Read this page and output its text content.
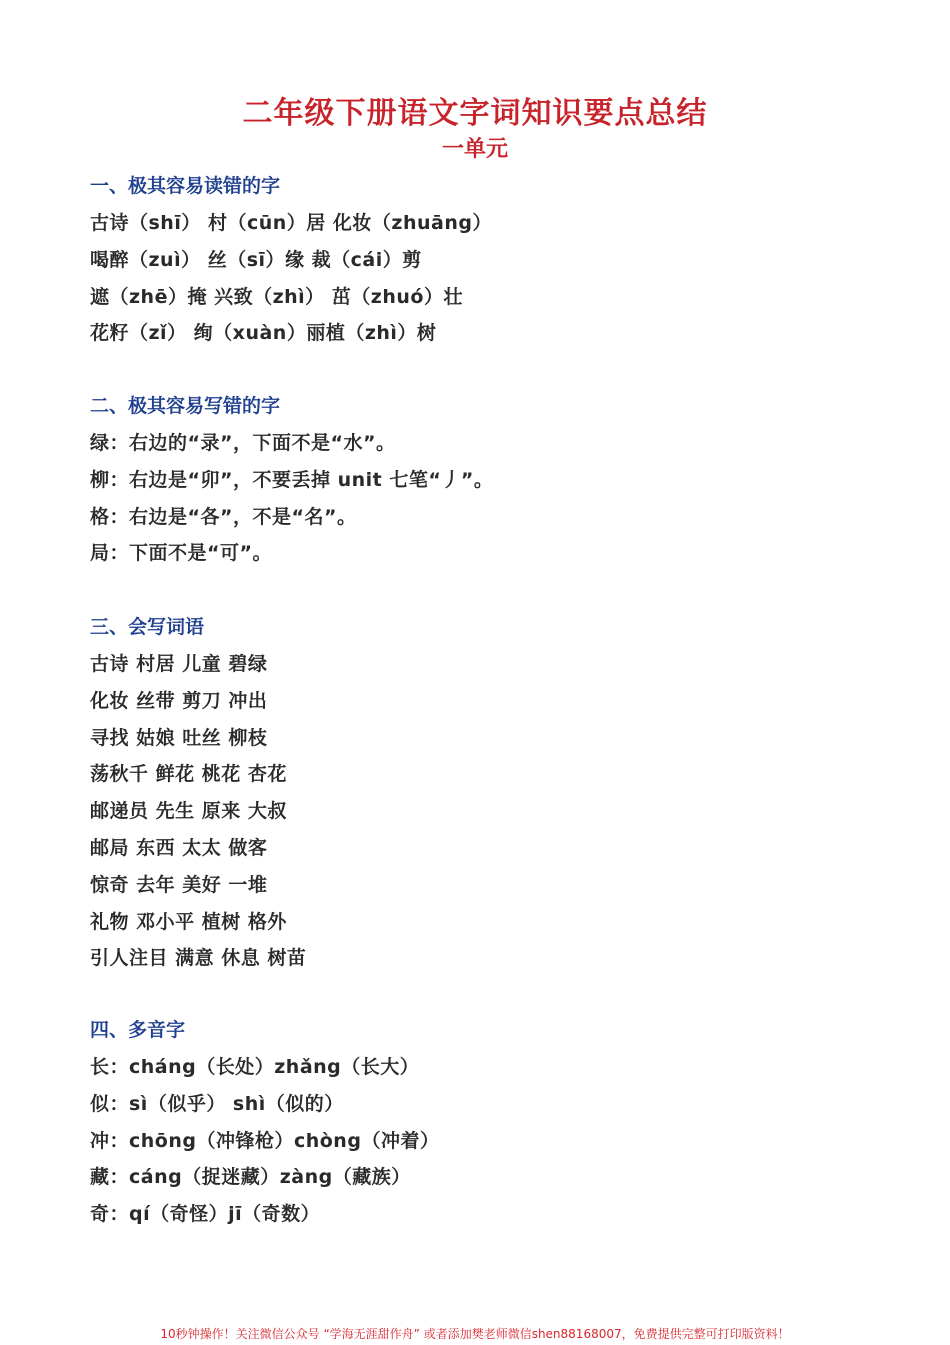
二年级下册语文字词知识要点总结
一单元
一、极其容易读错的字
古诗（shī） 村（cūn）居 化妆（zhuāng）
喝醉（zuì） 丝（sī）缘 裁（cái）剪
遮（zhē）掩 兴致（zhì） 茁（zhuó）壮
花籽（zǐ） 绚（xuàn）丽植（zhì）树
二、极其容易写错的字
绿：右边的“录”，下面不是“水”。
柳：右边是“卯”，不要丢掉 unit 七笔“丿”。
格：右边是“各”，不是“名”。
局：下面不是“可”。
三、会写词语
古诗 村居 儿童 碧绿
化妆 丝带 剪刀 冲出
寻找 姑娘 吐丝 柳枝
荡秋千 鲜花 桃花 杏花
邮递员 先生 原来 大叔
邮局 东西 太太 做客
惊奇 去年 美好 一堆
礼物 邓小平 植树 格外
引人注目 满意 休息 树苗
四、多音字
长：cháng（长处）zhǎng（长大）
似：sì（似乎） shì（似的）
冲：chōng（冲锋枪）chòng（冲着）
藏：cáng（捉迷藏）zàng（藏族）
奇：qí（奇怪）jī（奇数）
10秒钟操作！关注微信公众号 “学海无涯甜作舟” 或者添加樊老师微信shen88168007，免费提供完整可打印版资料！
